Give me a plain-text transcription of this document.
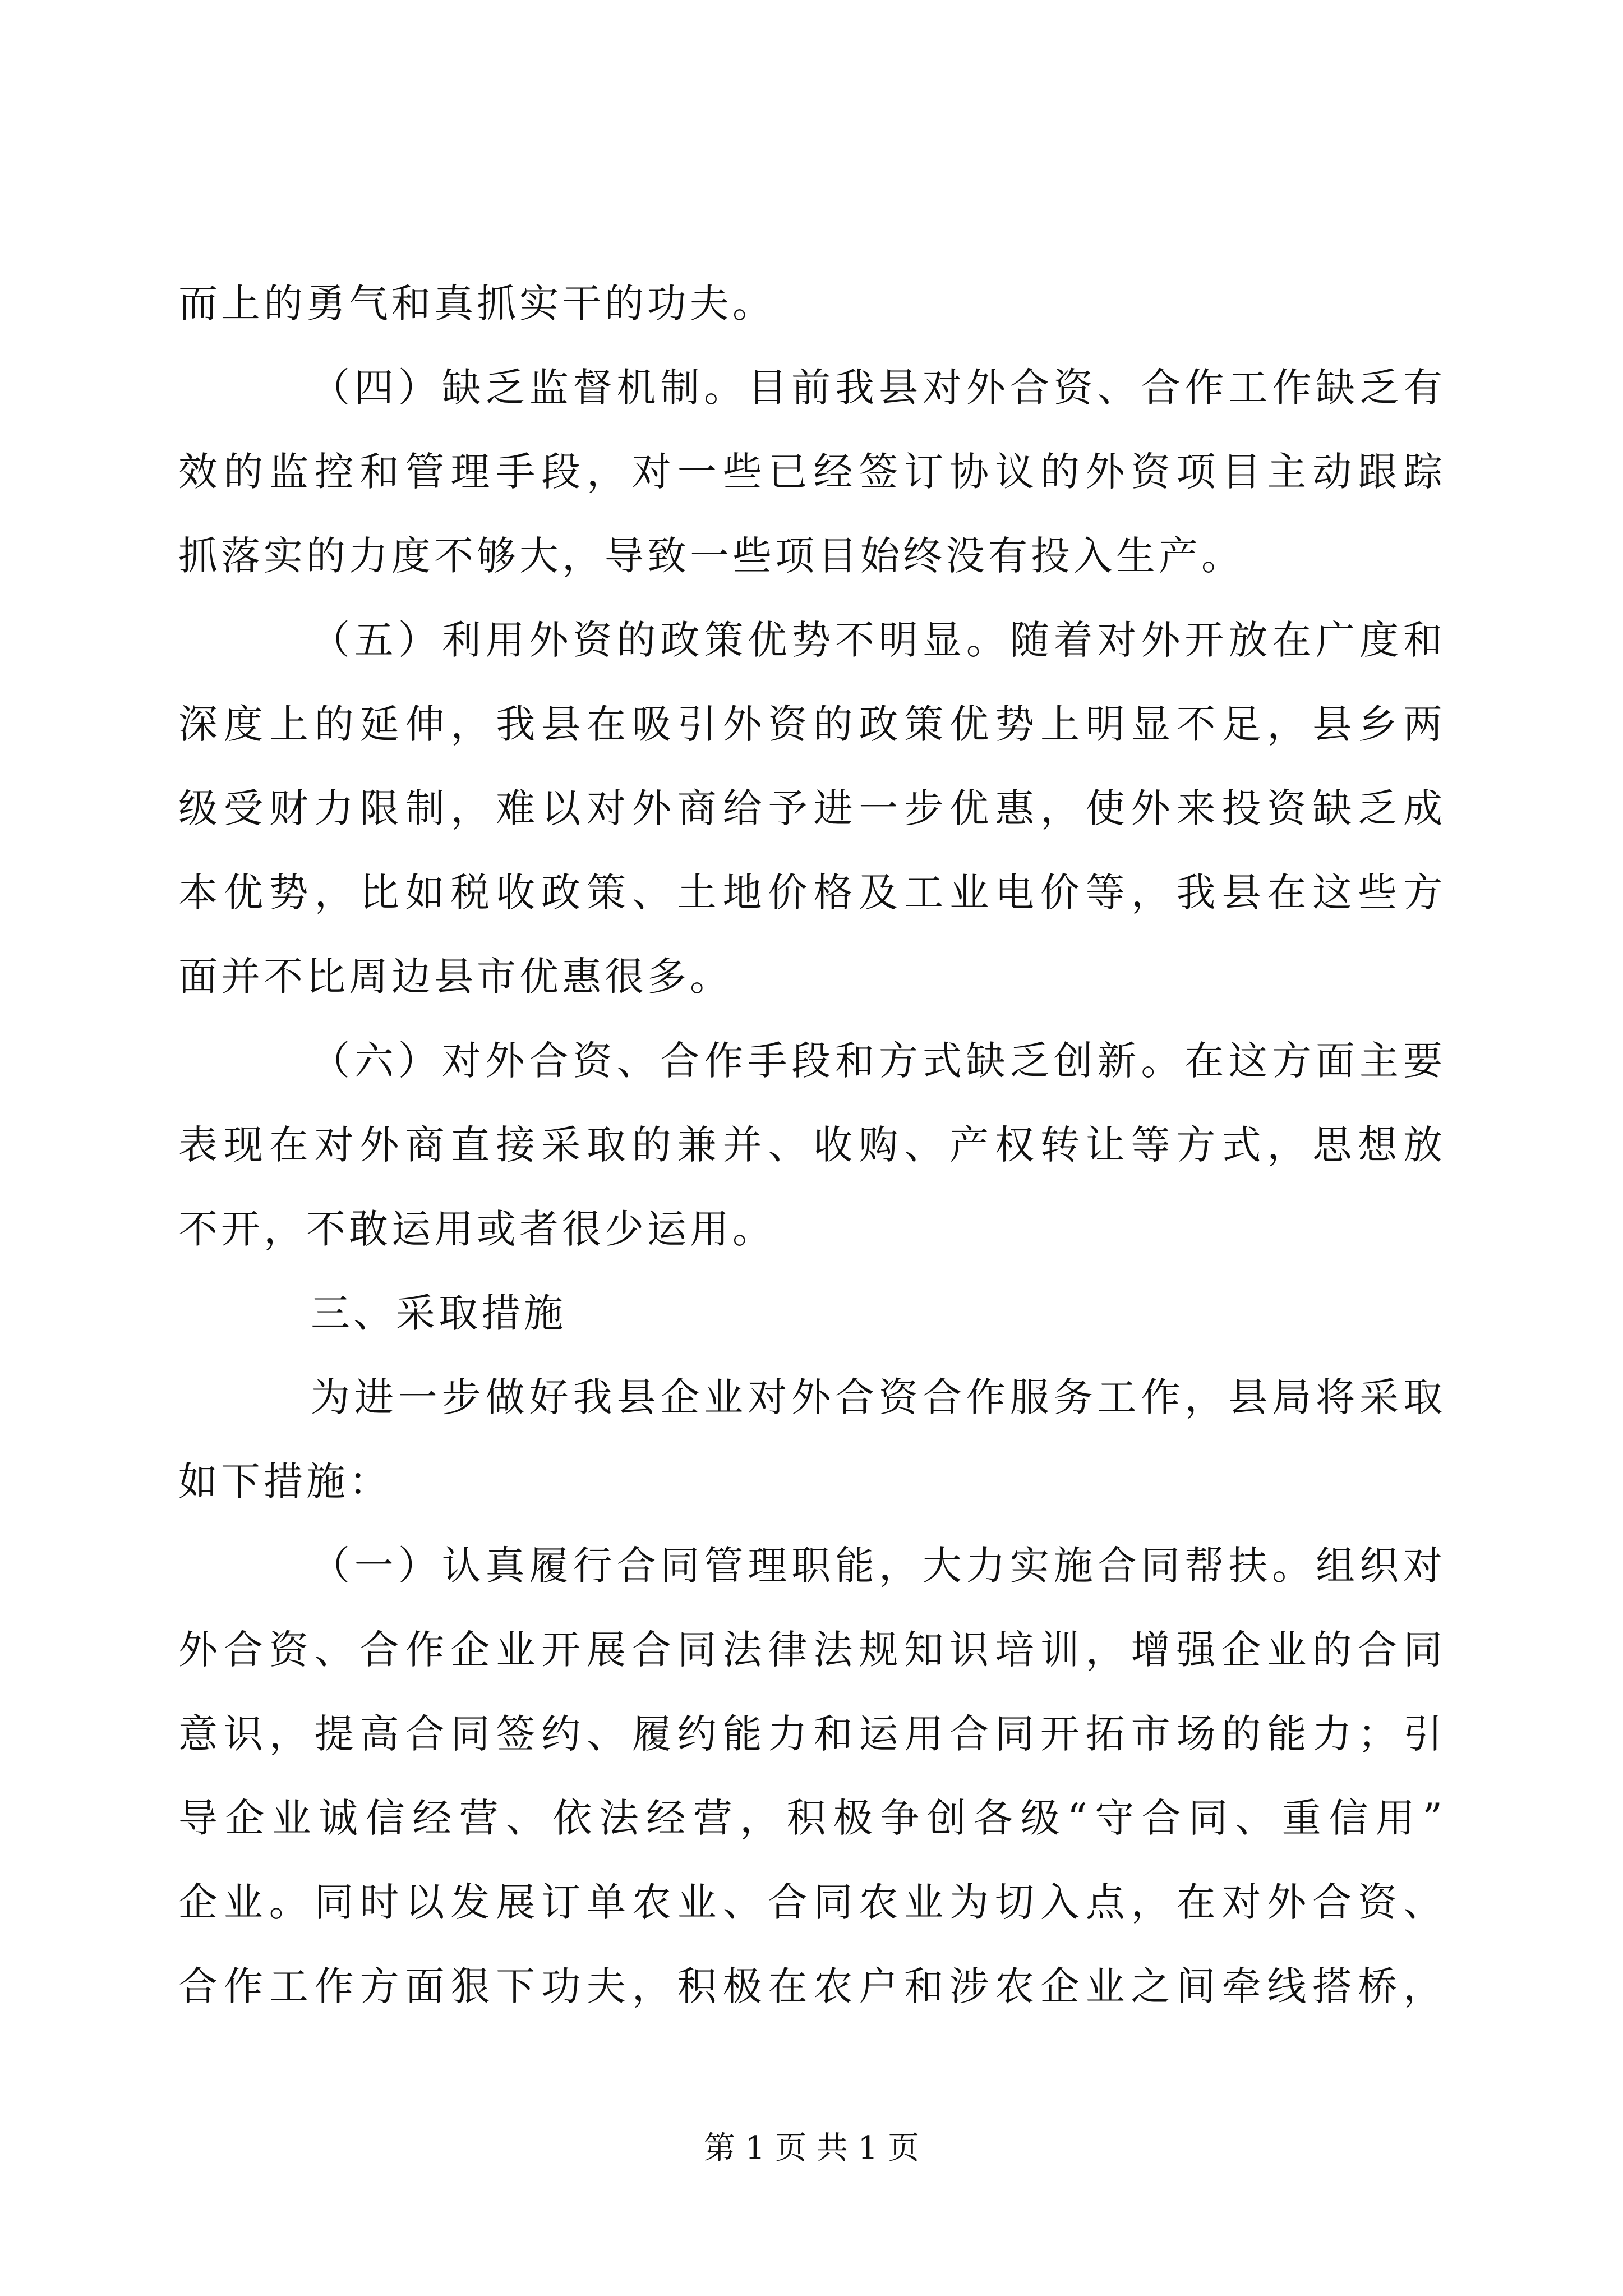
而上的勇气和真抓实干的功夫。
（四）缺乏监督机制。目前我县对外合资、合作工作缺乏有
效的监控和管理手段，对一些已经签订协议的外资项目主动跟踪
抓落实的力度不够大，导致一些项目始终没有投入生产。
（五）利用外资的政策优势不明显。随着对外开放在广度和
深度上的延伸，我县在吸引外资的政策优势上明显不足，县乡两
级受财力限制，难以对外商给予进一步优惠，使外来投资缺乏成
本优势，比如税收政策、土地价格及工业电价等，我县在这些方
面并不比周边县市优惠很多。
（六）对外合资、合作手段和方式缺乏创新。在这方面主要
表现在对外商直接采取的兼并、收购、产权转让等方式，思想放
不开，不敢运用或者很少运用。
三、采取措施
为进一步做好我县企业对外合资合作服务工作，县局将采取
如下措施：
（一）认真履行合同管理职能，大力实施合同帮扶。组织对
外合资、合作企业开展合同法律法规知识培训，增强企业的合同
意识，提高合同签约、履约能力和运用合同开拓市场的能力；引
导企业诚信经营、依法经营，积极争创各级“守合同、重信用”
企业。同时以发展订单农业、合同农业为切入点，在对外合资、
合作工作方面狠下功夫，积极在农户和涉农企业之间牵线搭桥，
第 1 页 共 1 页
